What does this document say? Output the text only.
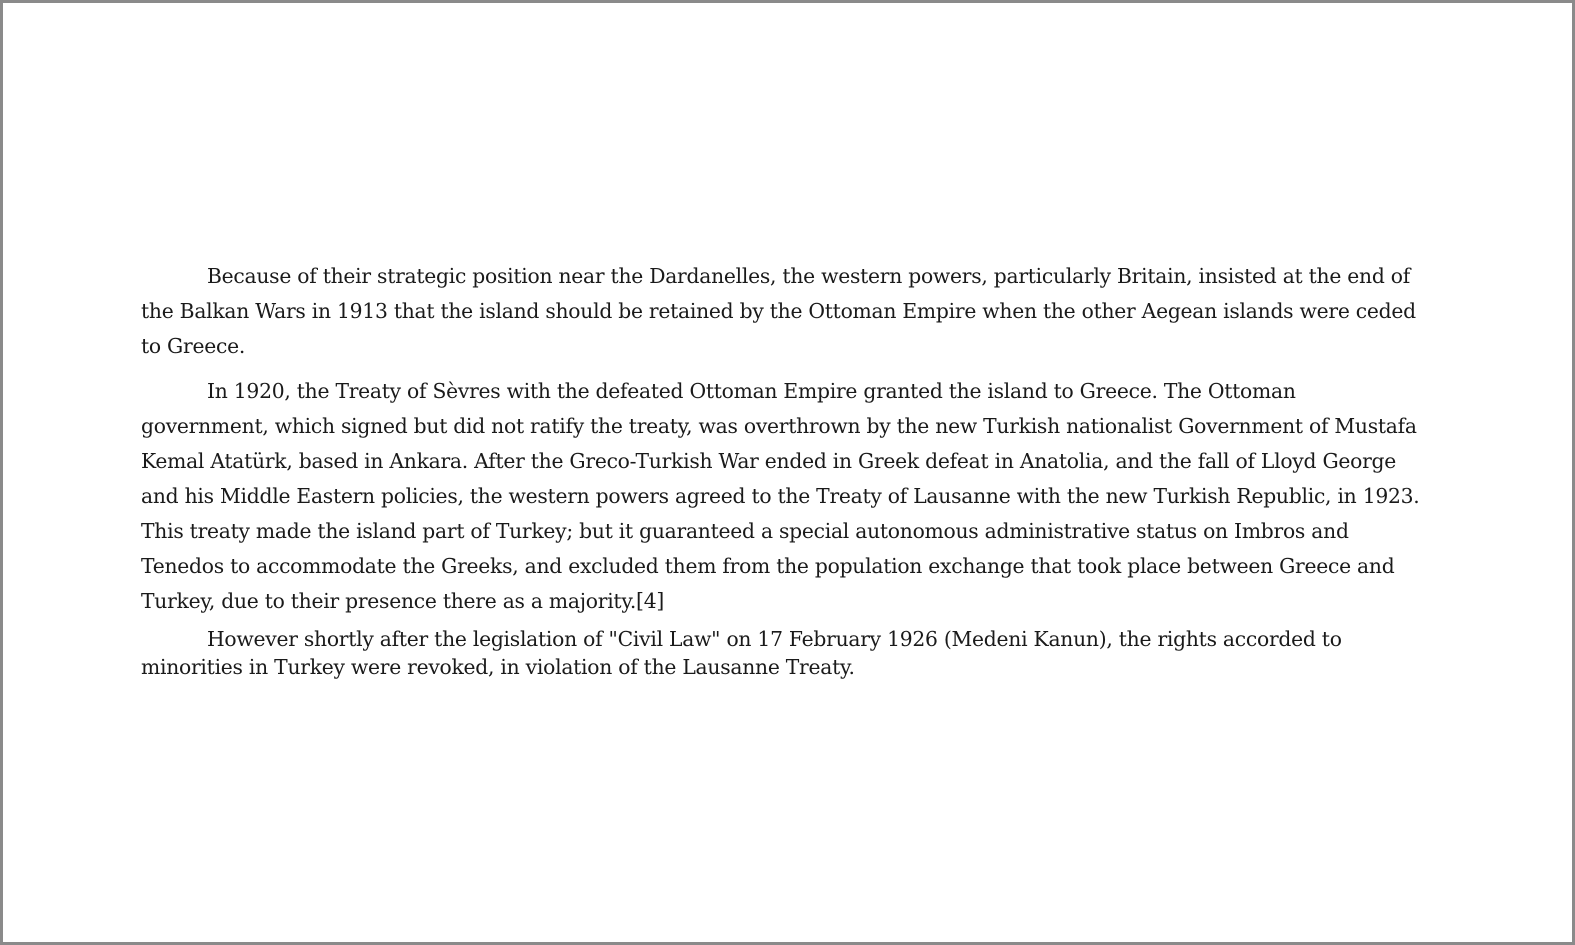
Because of their strategic position near the Dardanelles, the western powers, particularly Britain, insisted at the end of the Balkan Wars in 1913 that the island should be retained by the Ottoman Empire when the other Aegean islands were ceded to Greece.

In 1920, the Treaty of Sèvres with the defeated Ottoman Empire granted the island to Greece. The Ottoman government, which signed but did not ratify the treaty, was overthrown by the new Turkish nationalist Government of Mustafa Kemal Atatürk, based in Ankara. After the Greco-Turkish War ended in Greek defeat in Anatolia, and the fall of Lloyd George and his Middle Eastern policies, the western powers agreed to the Treaty of Lausanne with the new Turkish Republic, in 1923. This treaty made the island part of Turkey; but it guaranteed a special autonomous administrative status on Imbros and Tenedos to accommodate the Greeks, and excluded them from the population exchange that took place between Greece and Turkey, due to their presence there as a majority.[4]

However shortly after the legislation of "Civil Law" on 17 February 1926 (Medeni Kanun), the rights accorded to minorities in Turkey were revoked, in violation of the Lausanne Treaty.
